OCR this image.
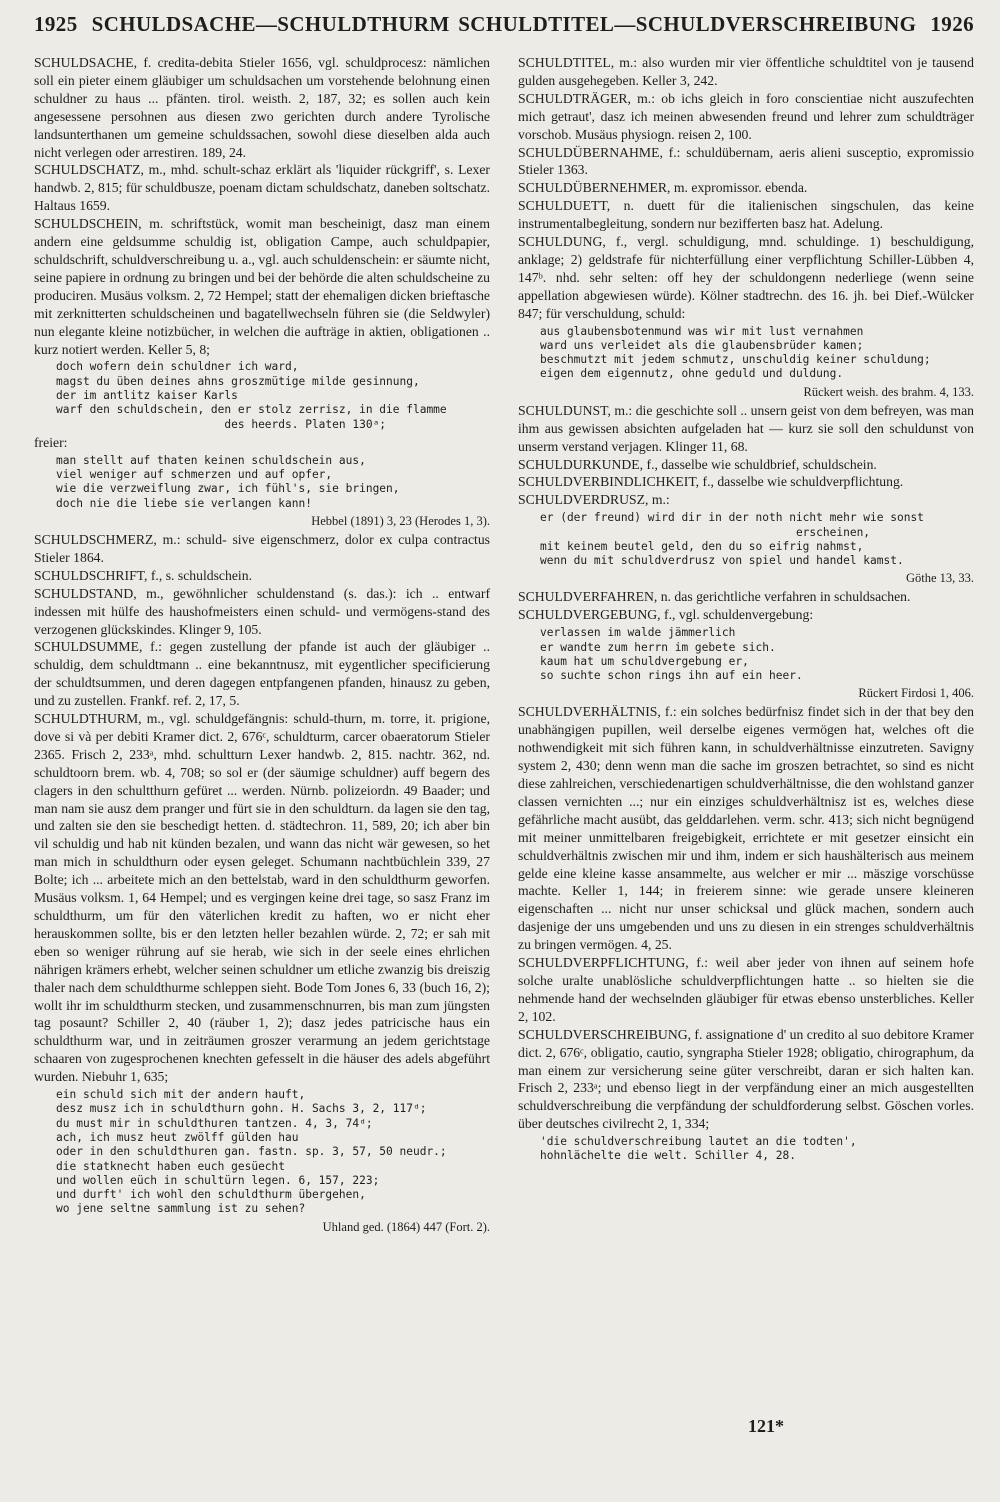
1925 SCHULDSACHE—SCHULDTHURM SCHULDTITEL—SCHULDVERSCHREIBUNG 1926

SCHULDSACHE, f. credita-debita Stieler 1656, vgl. schuldprocesz: nämlichen soll ein pieter einem gläubiger um schuldsachen um vorstehende belohnung einen schuldner zu haus ... pfänten. tirol. weisth. 2, 187, 32; es sollen auch kein angesessene persohnen aus diesen zwo gerichten durch andere Tyrolische landsunterthanen um gemeine schuldssachen, sowohl diese dieselben alda auch nicht verlegen oder arrestiren. 189, 24.

SCHULDSCHATZ, m., mhd. schult-schaz erklärt als 'liquider rückgriff', s. Lexer handwb. 2, 815; für schuldbusze, poenam dictam schuldschatz, daneben soltschatz. Haltaus 1659.

SCHULDSCHEIN, m. schriftstück, womit man bescheinigt, dasz man einem andern eine geldsumme schuldig ist, obligation Campe, auch schuldpapier, schuldschrift, schuldverschreibung u. a., vgl. auch schuldenschein: er säumte nicht, seine papiere in ordnung zu bringen und bei der behörde die alten schuldscheine zu produciren. Musäus volksm. 2, 72 Hempel; statt der ehemaligen dicken brieftasche mit zerknitterten schuldscheinen und bagatellwechseln führen sie (die Seldwyler) nun elegante kleine notizbücher, in welchen die aufträge in aktien, obligationen .. kurz notiert werden. Keller 5, 8;

doch wofern dein schuldner ich ward,
magst du üben deines ahns groszmütige milde gesinnung,
der im antlitz kaiser Karls
warf den schuldschein, den er stolz zerrisz, in die flamme
des heerds. Platen 130ᵃ;

freier:

man stellt auf thaten keinen schuldschein aus,
viel weniger auf schmerzen und auf opfer,
wie die verzweiflung zwar, ich fühl's, sie bringen,
doch nie die liebe sie verlangen kann!
Hebbel (1891) 3, 23 (Herodes 1, 3).

SCHULDSCHMERZ, m.: schuld- sive eigenschmerz, dolor ex culpa contractus Stieler 1864.

SCHULDSCHRIFT, f., s. schuldschein.

SCHULDSTAND, m., gewöhnlicher schuldenstand (s. das.): ich .. entwarf indessen mit hülfe des haushofmeisters einen schuld- und vermögens-stand des verzogenen glückskindes. Klinger 9, 105.

SCHULDSUMME, f.: gegen zustellung der pfande ist auch der gläubiger .. schuldig, dem schuldtmann .. eine bekanntnusz, mit eygentlicher specificierung der schuldtsummen, und deren dagegen entpfangenen pfanden, hinausz zu geben, und zu zustellen. Frankf. ref. 2, 17, 5.

SCHULDTHURM, m., vgl. schuldgefängnis: schuld-thurn, m. torre, it. prigione, dove si và per debiti Kramer dict. 2, 676ᶜ, schuldturm, carcer obaeratorum Stieler 2365. Frisch 2, 233ᵃ, mhd. schultturn Lexer handwb. 2, 815. nachtr. 362, nd. schuldtoorn brem. wb. 4, 708; so sol er (der säumige schuldner) auff begern des clagers in den schultthurn gefüret ... werden. Nürnb. polizeiordn. 49 Baader; und man nam sie ausz dem pranger und fürt sie in den schuldturn. da lagen sie den tag, und zalten sie den sie beschedigt hetten. d. städtechron. 11, 589, 20; ich aber bin vil schuldig und hab nit künden bezalen, und wann das nicht wär gewesen, so het man mich in schuldthurn oder eysen geleget. Schumann nachtbüchlein 339, 27 Bolte; ich ... arbeitete mich an den bettelstab, ward in den schuldthurm geworfen. Musäus volksm. 1, 64 Hempel; und es vergingen keine drei tage, so sasz Franz im schuldthurm, um für den väterlichen kredit zu haften, wo er nicht eher herauskommen sollte, bis er den letzten heller bezahlen würde. 2, 72; er sah mit eben so weniger rührung auf sie herab, wie sich in der seele eines ehrlichen nährigen krämers erhebt, welcher seinen schuldner um etliche zwanzig bis dreiszig thaler nach dem schuldthurme schleppen sieht. Bode Tom Jones 6, 33 (buch 16, 2); wollt ihr im schuldthurm stecken, und zusammenschnurren, bis man zum jüngsten tag posaunt? Schiller 2, 40 (räuber 1, 2); dasz jedes patricische haus ein schuldthurm war, und in zeiträumen groszer verarmung an jedem gerichtstage schaaren von zugesprochenen knechten gefesselt in die häuser des adels abgeführt wurden. Niebuhr 1, 635;

ein schuld sich mit der andern hauft,
desz musz ich in schuldthurn gohn. H. Sachs 3, 2, 117ᵈ;
du must mir in schuldthuren tantzen. 4, 3, 74ᵈ;
ach, ich musz heut zwölff gülden hau
oder in den schuldthuren gan. fastn. sp. 3, 57, 50 neudr.;
die statknecht haben euch gesüecht
und wollen eüch in schultürn legen. 6, 157, 223;
und durft' ich wohl den schuldthurm übergehen,
wo jene seltne sammlung ist zu sehen?
Uhland ged. (1864) 447 (Fort. 2).

SCHULDTITEL, m.: also wurden mir vier öffentliche schuldtitel von je tausend gulden ausgehegeben. Keller 3, 242.

SCHULDTRÄGER, m.: ob ichs gleich in foro conscientiae nicht auszufechten mich getraut', dasz ich meinen abwesenden freund und lehrer zum schuldträger vorschob. Musäus physiogn. reisen 2, 100.

SCHULDÜBERNAHME, f.: schuldübernam, aeris alieni susceptio, expromissio Stieler 1363.

SCHULDÜBERNEHMER, m. expromissor. ebenda.

SCHULDUETT, n. duett für die italienischen singschulen, das keine instrumentalbegleitung, sondern nur bezifferten basz hat. Adelung.

SCHULDUNG, f., vergl. schuldigung, mnd. schuldinge. 1) beschuldigung, anklage; 2) geldstrafe für nichterfüllung einer verpflichtung Schiller-Lübben 4, 147ᵇ. nhd. sehr selten: off hey der schuldongenn nederliege (wenn seine appellation abgewiesen würde). Kölner stadtrechn. des 16. jh. bei Dief.-Wülcker 847; für verschuldung, schuld:

aus glaubensbotenmund was wir mit lust vernahmen
ward uns verleidet als die glaubensbrüder kamen;
beschmutzt mit jedem schmutz, unschuldig keiner schuldung;
eigen dem eigennutz, ohne geduld und duldung.
Rückert weish. des brahm. 4, 133.

SCHULDUNST, m.: die geschichte soll .. unsern geist von dem befreyen, was man ihm aus gewissen absichten aufgeladen hat — kurz sie soll den schuldunst von unserm verstand verjagen. Klinger 11, 68.

SCHULDURKUNDE, f., dasselbe wie schuldbrief, schuldschein.

SCHULDVERBINDLICHKEIT, f., dasselbe wie schuldverpflichtung.

SCHULDVERDRUSZ, m.:

er (der freund) wird dir in der noth nicht mehr wie sonst
erscheinen,
mit keinem beutel geld, den du so eifrig nahmst,
wenn du mit schuldverdrusz von spiel und handel kamst.
Göthe 13, 33.

SCHULDVERFAHREN, n. das gerichtliche verfahren in schuldsachen.

SCHULDVERGEBUNG, f., vgl. schuldenvergebung:

verlassen im walde jämmerlich
er wandte zum herrn im gebete sich.
kaum hat um schuldvergebung er,
so suchte schon rings ihn auf ein heer.
Rückert Firdosi 1, 406.

SCHULDVERHÄLTNIS, f.: ein solches bedürfnisz findet sich in der that bey den unabhängigen pupillen, weil derselbe eigenes vermögen hat, welches oft die nothwendigkeit mit sich führen kann, in schuldverhältnisse einzutreten. Savigny system 2, 430; denn wenn man die sache im groszen betrachtet, so sind es nicht diese zahlreichen, verschiedenartigen schuldverhältnisse, die den wohlstand ganzer classen vernichten ...; nur ein einziges schuldverhältnisz ist es, welches diese gefährliche macht ausübt, das gelddarlehen. verm. schr. 413; sich nicht begnügend mit meiner unmittelbaren freigebigkeit, errichtete er mit gesetzer einsicht ein schuldverhältnis zwischen mir und ihm, indem er sich haushälterisch aus meinem gelde eine kleine kasse ansammelte, aus welcher er mir ... mäszige vorschüsse machte. Keller 1, 144; in freierem sinne: wie gerade unsere kleineren eigenschaften ... nicht nur unser schicksal und glück machen, sondern auch dasjenige der uns umgebenden und uns zu diesen in ein strenges schuldverhältnis zu bringen vermögen. 4, 25.

SCHULDVERPFLICHTUNG, f.: weil aber jeder von ihnen auf seinem hofe solche uralte unablösliche schuldverpflichtungen hatte .. so hielten sie die nehmende hand der wechselnden gläubiger für etwas ebenso unsterbliches. Keller 2, 102.

SCHULDVERSCHREIBUNG, f. assignatione d' un credito al suo debitore Kramer dict. 2, 676ᶜ, obligatio, cautio, syngrapha Stieler 1928; obligatio, chirographum, da man einem zur versicherung seine güter verschreibt, daran er sich halten kan. Frisch 2, 233ᵃ; und ebenso liegt in der verpfändung einer an mich ausgestellten schuldverschreibung die verpfändung der schuldforderung selbst. Göschen vorles. über deutsches civilrecht 2, 1, 334;

'die schuldverschreibung lautet an die todten',
hohnlächelte die welt. Schiller 4, 28.
121*
